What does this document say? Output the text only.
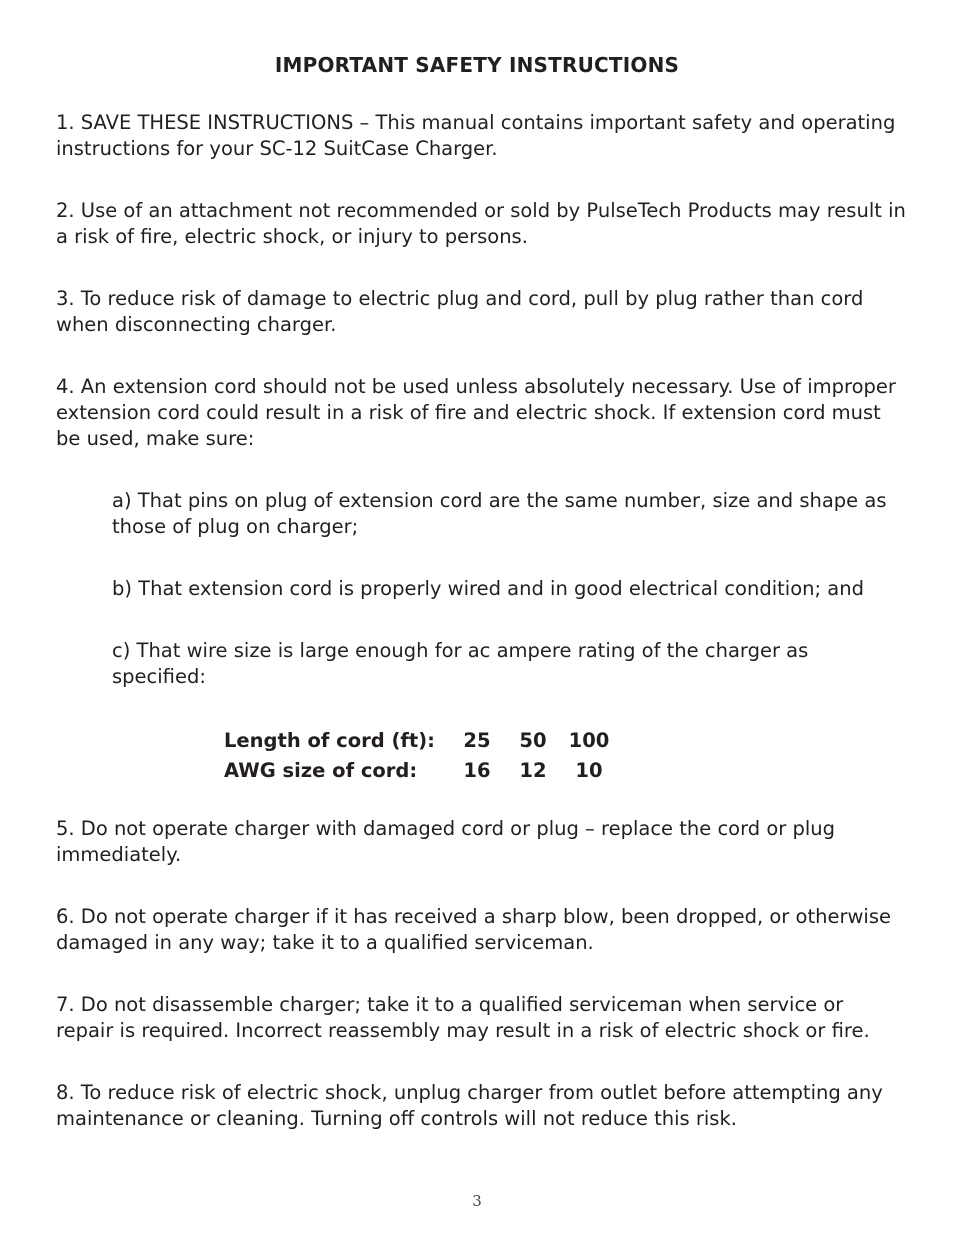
IMPORTANT SAFETY INSTRUCTIONS
1. SAVE THESE INSTRUCTIONS – This manual contains important safety and operating instructions for your SC-12 SuitCase Charger.
2. Use of an attachment not recommended or sold by PulseTech Products may result in a risk of fire, electric shock, or injury to persons.
3. To reduce risk of damage to electric plug and cord, pull by plug rather than cord when disconnecting charger.
4. An extension cord should not be used unless absolutely necessary. Use of improper extension cord could result in a risk of fire and electric shock. If extension cord must be used, make sure:
a) That pins on plug of extension cord are the same number, size and shape as those of plug on charger;
b) That extension cord is properly wired and in good electrical condition; and
c) That wire size is large enough for ac ampere rating of the charger as specified:
Length of cord (ft):	25	50	100
AWG size of cord:	16	12	10
5. Do not operate charger with damaged cord or plug – replace the cord or plug immediately.
6. Do not operate charger if it has received a sharp blow, been dropped, or otherwise damaged in any way; take it to a qualified serviceman.
7. Do not disassemble charger; take it to a qualified serviceman when service or repair is required. Incorrect reassembly may result in a risk of electric shock or fire.
8. To reduce risk of electric shock, unplug charger from outlet before attempting any maintenance or cleaning. Turning off controls will not reduce this risk.
3
